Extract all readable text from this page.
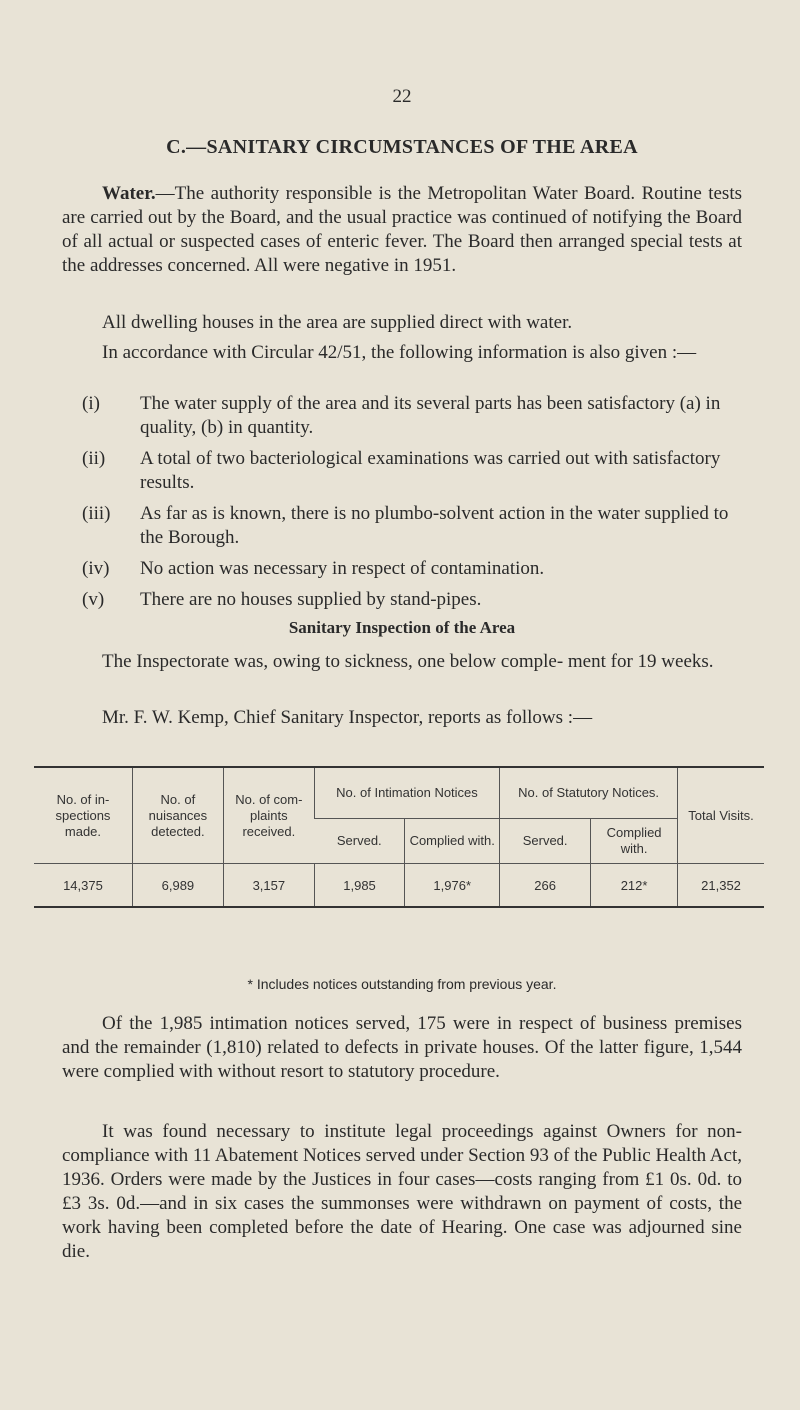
22
C.—SANITARY CIRCUMSTANCES OF THE AREA

Water.—The authority responsible is the Metropolitan Water Board. Routine tests are carried out by the Board, and the usual practice was continued of notifying the Board of all actual or suspected cases of enteric fever. The Board then arranged special tests at the addresses concerned. All were negative in 1951.

All dwelling houses in the area are supplied direct with water.

In accordance with Circular 42/51, the following information is also given :—

(i) The water supply of the area and its several parts has been satisfactory (a) in quality, (b) in quantity.
(ii) A total of two bacteriological examinations was carried out with satisfactory results.
(iii) As far as is known, there is no plumbo-solvent action in the water supplied to the Borough.
(iv) No action was necessary in respect of contamination.
(v) There are no houses supplied by stand-pipes.
Sanitary Inspection of the Area

The Inspectorate was, owing to sickness, one below comple- ment for 19 weeks.

Mr. F. W. Kemp, Chief Sanitary Inspector, reports as follows :—

No. of in- spections made.	No. of nuisances detected.	No. of com- plaints received.	No. of Intimation Notices		No. of Statutory Notices.		Total Visits.
			Served.	Complied with.	Served.	Complied with.	
14,375	6,989	3,157	1,985	1,976*	266	212*	21,352
* Includes notices outstanding from previous year.

Of the 1,985 intimation notices served, 175 were in respect of business premises and the remainder (1,810) related to defects in private houses. Of the latter figure, 1,544 were complied with without resort to statutory procedure.

It was found necessary to institute legal proceedings against Owners for non-compliance with 11 Abatement Notices served under Section 93 of the Public Health Act, 1936. Orders were made by the Justices in four cases—costs ranging from £1 0s. 0d. to £3 3s. 0d.—and in six cases the summonses were withdrawn on payment of costs, the work having been completed before the date of Hearing. One case was adjourned sine die.
